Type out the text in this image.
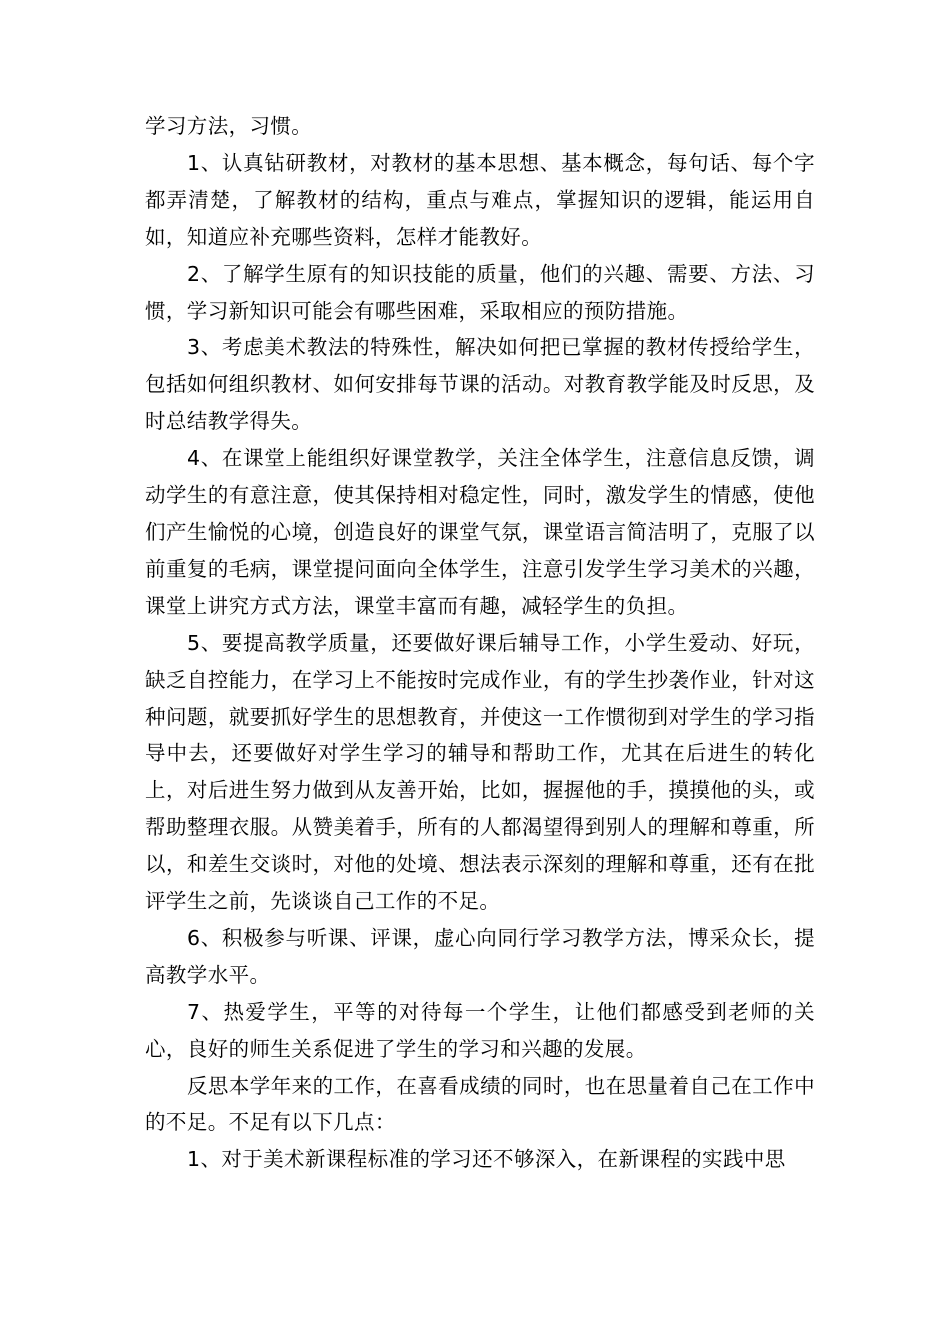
学习方法，习惯。

1、认真钻研教材，对教材的基本思想、基本概念，每句话、每个字都弄清楚，了解教材的结构，重点与难点，掌握知识的逻辑，能运用自如，知道应补充哪些资料，怎样才能教好。

2、了解学生原有的知识技能的质量，他们的兴趣、需要、方法、习惯，学习新知识可能会有哪些困难，采取相应的预防措施。

3、考虑美术教法的特殊性，解决如何把已掌握的教材传授给学生，包括如何组织教材、如何安排每节课的活动。对教育教学能及时反思，及时总结教学得失。

4、在课堂上能组织好课堂教学，关注全体学生，注意信息反馈，调动学生的有意注意，使其保持相对稳定性，同时，激发学生的情感，使他们产生愉悦的心境，创造良好的课堂气氛，课堂语言简洁明了，克服了以前重复的毛病，课堂提问面向全体学生，注意引发学生学习美术的兴趣，课堂上讲究方式方法，课堂丰富而有趣，减轻学生的负担。

5、要提高教学质量，还要做好课后辅导工作，小学生爱动、好玩，缺乏自控能力，在学习上不能按时完成作业，有的学生抄袭作业，针对这种问题，就要抓好学生的思想教育，并使这一工作惯彻到对学生的学习指导中去，还要做好对学生学习的辅导和帮助工作，尤其在后进生的转化上，对后进生努力做到从友善开始，比如，握握他的手，摸摸他的头，或帮助整理衣服。从赞美着手，所有的人都渴望得到别人的理解和尊重，所以，和差生交谈时，对他的处境、想法表示深刻的理解和尊重，还有在批评学生之前，先谈谈自己工作的不足。

6、积极参与听课、评课，虚心向同行学习教学方法，博采众长，提高教学水平。

7、热爱学生，平等的对待每一个学生，让他们都感受到老师的关心，良好的师生关系促进了学生的学习和兴趣的发展。

反思本学年来的工作，在喜看成绩的同时，也在思量着自己在工作中的不足。不足有以下几点：

1、对于美术新课程标准的学习还不够深入，在新课程的实践中思
